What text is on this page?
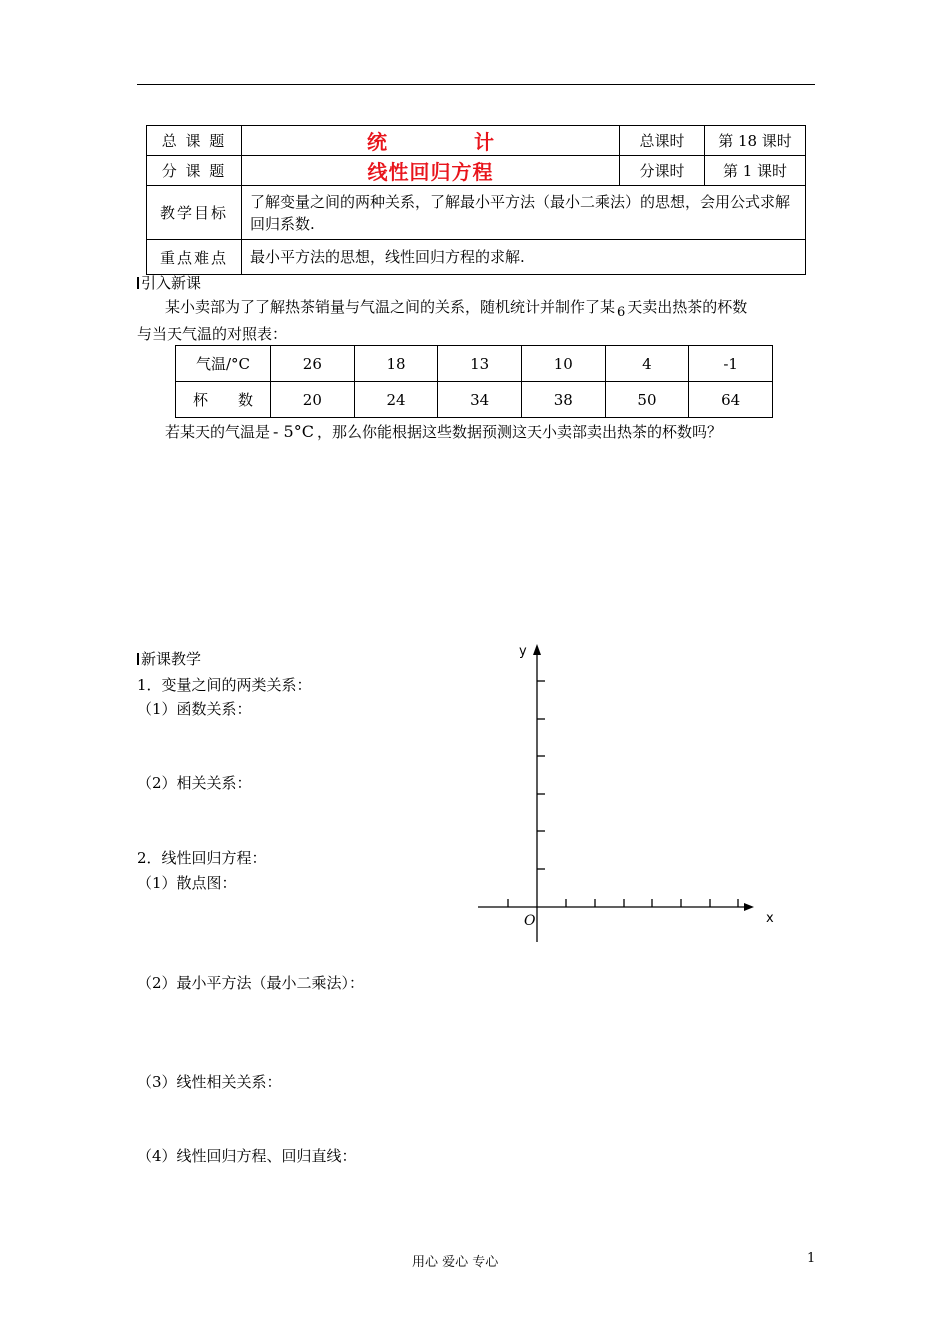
总 课 题	统 计	总课时	第 18 课时
分 课 题	线性回归方程	分课时	第 1 课时
教学目标	了解变量之间的两种关系，了解最小平方法（最小二乘法）的思想，会用公式求解回归系数.		
重点难点	最小平方法的思想，线性回归方程的求解.		
引入新课
某小卖部为了了解热茶销量与气温之间的关系，随机统计并制作了某 6 天卖出热茶的杯数
与当天气温的对照表：
气温/°C	26	18	13	10	4	-1
杯　　数	20	24	34	38	50	64
若某天的气温是 - 5°C ，那么你能根据这些数据预测这天小卖部卖出热茶的杯数吗？
新课教学
1．变量之间的两类关系：
（1）函数关系：
（2）相关关系：
2．线性回归方程：
（1）散点图：
（2）最小平方法（最小二乘法）：
（3）线性相关关系：
（4）线性回归方程、回归直线：
y
x
O
用心 爱心 专心	1
